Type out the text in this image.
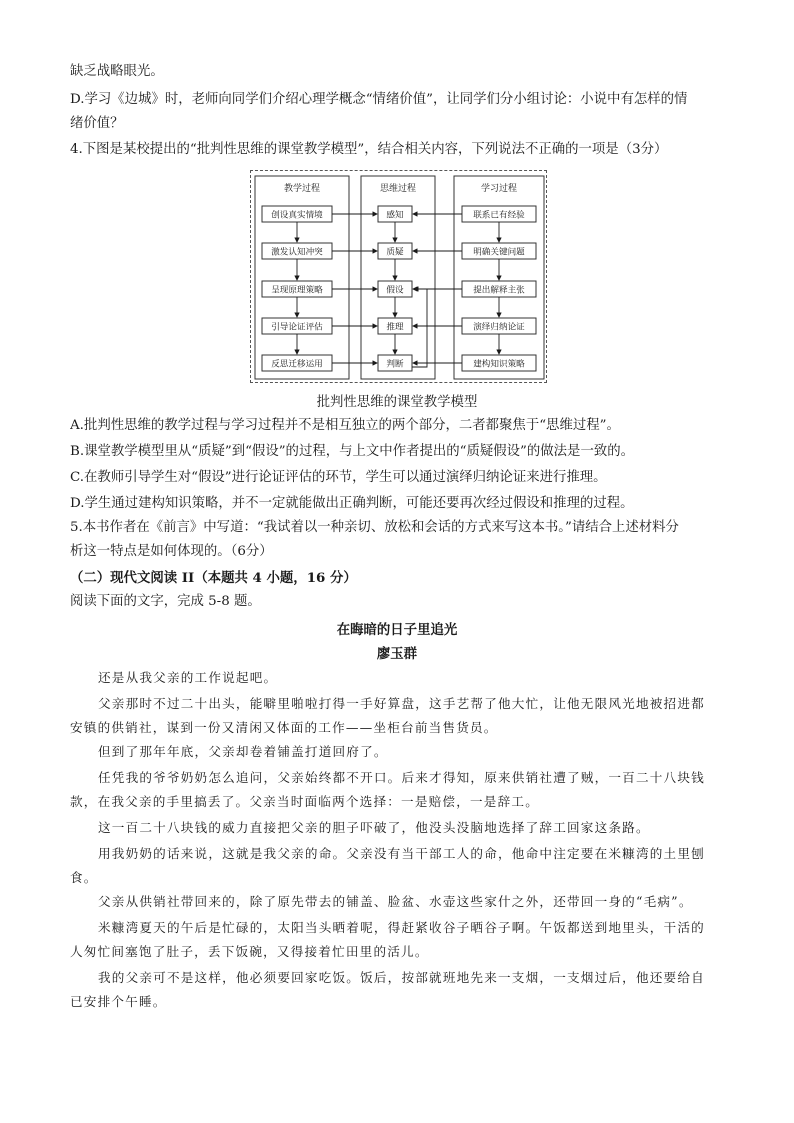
缺乏战略眼光。
D.学习《边城》时，老师向同学们介绍心理学概念“情绪价值”，让同学们分小组讨论：小说中有怎样的情
绪价值？
4.下图是某校提出的“批判性思维的课堂教学模型”，结合相关内容，下列说法不正确的一项是（3分）
教学过程	思维过程	学习过程
创设真实情境
激发认知冲突
呈现原理策略
引导论证评估
反思迁移运用
感知
质疑
假设
推理
判断
联系已有经验
明确关键问题
提出解释主张
演绎归纳论证
建构知识策略
批判性思维的课堂教学模型
A.批判性思维的教学过程与学习过程并不是相互独立的两个部分，二者都聚焦于“思维过程”。
B.课堂教学模型里从“质疑”到“假设”的过程，与上文中作者提出的“质疑假设”的做法是一致的。
C.在教师引导学生对“假设”进行论证评估的环节，学生可以通过演绎归纳论证来进行推理。
D.学生通过建构知识策略，并不一定就能做出正确判断，可能还要再次经过假设和推理的过程。
5.本书作者在《前言》中写道：“我试着以一种亲切、放松和会话的方式来写这本书。”请结合上述材料分
析这一特点是如何体现的。（6分）
（二）现代文阅读 II（本题共 4 小题，16 分）
阅读下面的文字，完成 5-8 题。
在晦暗的日子里追光
廖玉群
还是从我父亲的工作说起吧。
父亲那时不过二十出头，能噼里啪啦打得一手好算盘，这手艺帮了他大忙，让他无限风光地被招进都
安镇的供销社，谋到一份又清闲又体面的工作——坐柜台前当售货员。
但到了那年年底，父亲却卷着铺盖打道回府了。
任凭我的爷爷奶奶怎么追问，父亲始终都不开口。后来才得知，原来供销社遭了贼，一百二十八块钱
款，在我父亲的手里搞丢了。父亲当时面临两个选择：一是赔偿，一是辞工。
这一百二十八块钱的威力直接把父亲的胆子吓破了，他没头没脑地选择了辞工回家这条路。
用我奶奶的话来说，这就是我父亲的命。父亲没有当干部工人的命，他命中注定要在米糠湾的土里刨
食。
父亲从供销社带回来的，除了原先带去的铺盖、脸盆、水壶这些家什之外，还带回一身的“毛病”。
米糠湾夏天的午后是忙碌的，太阳当头晒着呢，得赶紧收谷子晒谷子啊。午饭都送到地里头，干活的
人匆忙间塞饱了肚子，丢下饭碗，又得接着忙田里的活儿。
我的父亲可不是这样，他必须要回家吃饭。饭后，按部就班地先来一支烟，一支烟过后，他还要给自
已安排个午睡。
